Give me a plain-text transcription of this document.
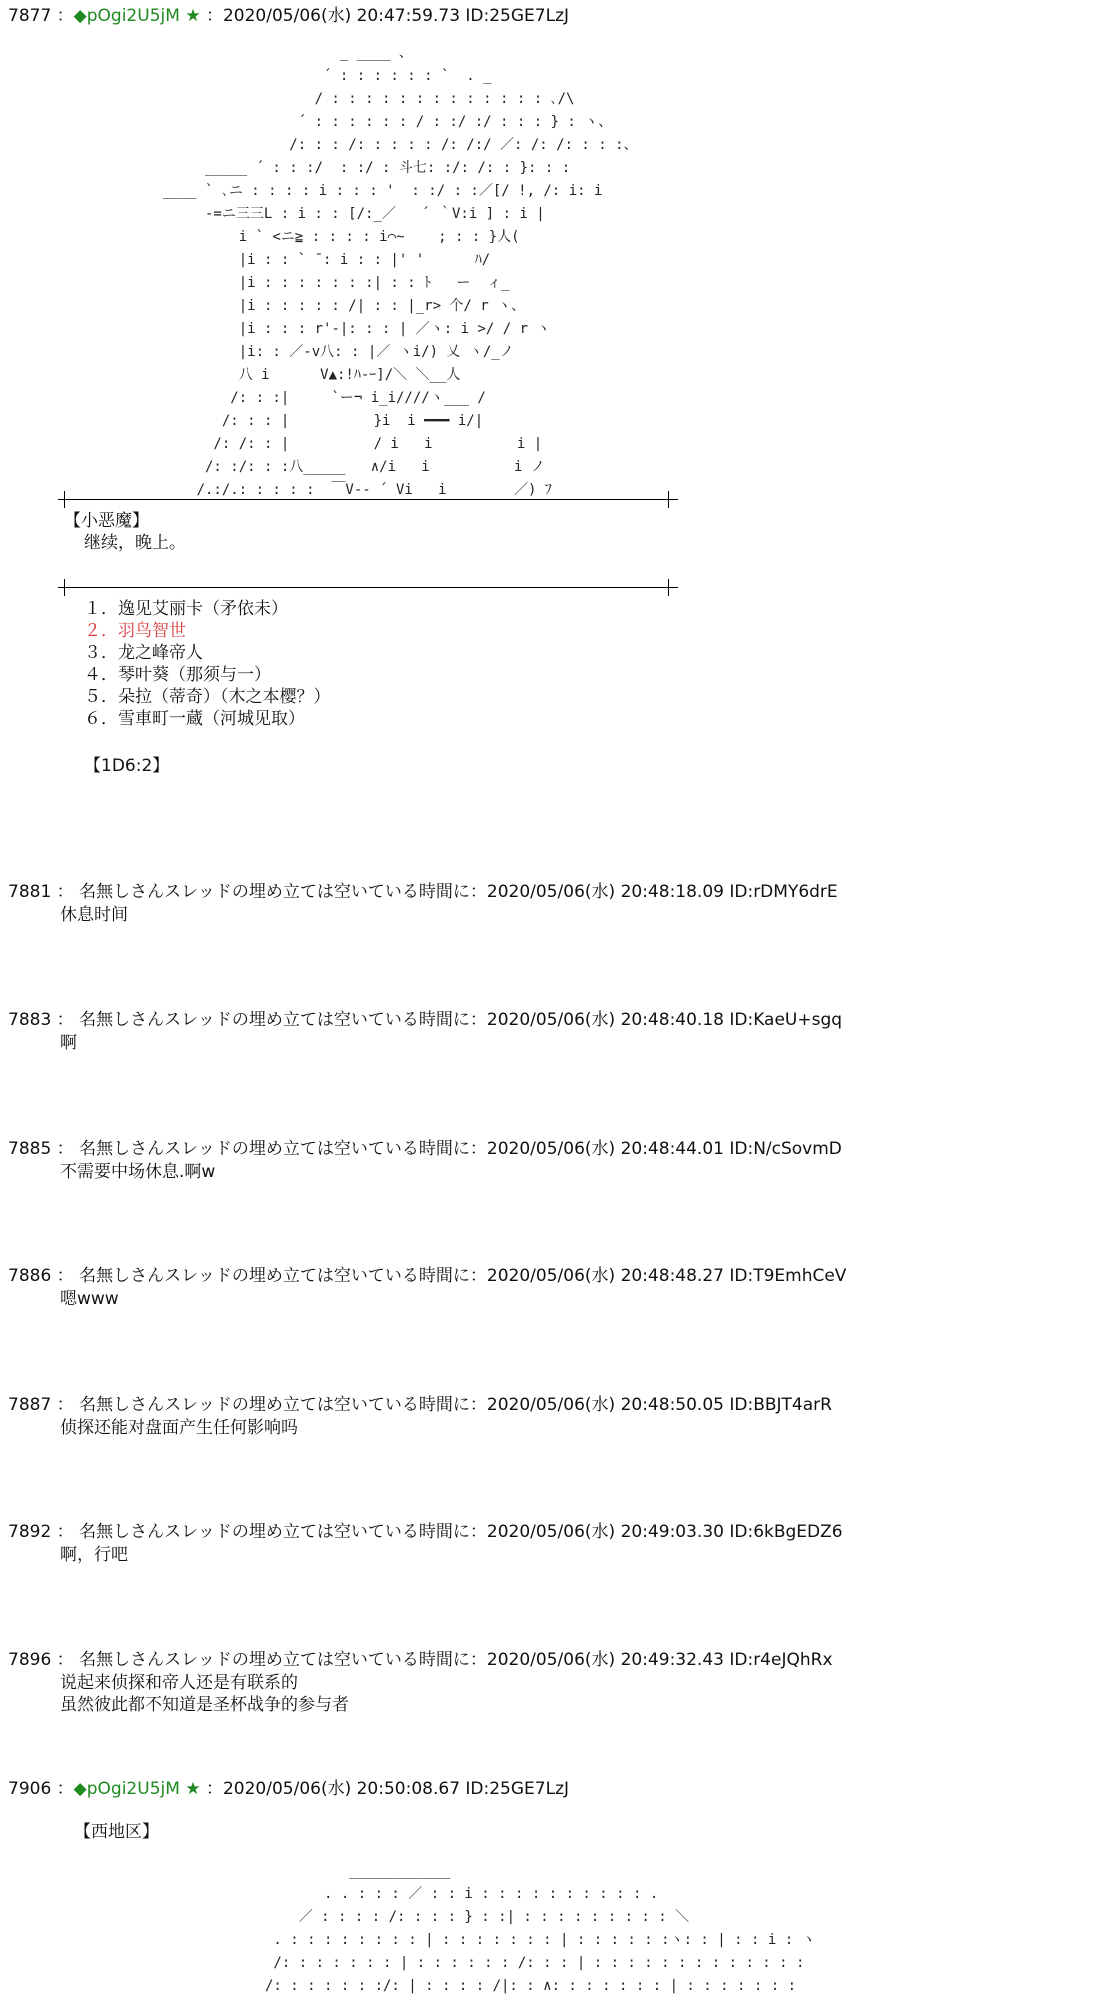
7877 ：◆pOgi2U5jM ★ ：2020/05/06(水) 20:47:59.73 ID:25GE7LzJ
_ ____ 、
´ : : : : : : `  . _
/ : : : : : : : : : : : : : ､/\
´ : : : : : : / : :/ :/ : : : } : ヽ、
/: : : /: : : : : /: /:/ ／: /: /: : : :、
_____ ´ : : :/  : :/ : 斗七: :/: /: : }: : :
____ ` ､ニ : : : : i : : : '  : :/ : :／[/ !, /: i: i
-=ニ三三L : i : : [/:_／   ´ ｀V:i ] : i |
i ` <ニ≧ : : : : i⌒~    ; : : }人(
|i : : ` ̄ : i : : |' '      ﾊ/
|i : : : : : : :| : : ﾄ   ー  ィ_
|i : : : : : /| : : |_r> 个/ r ヽ、
|i : : : r'-|: : : | ／ヽ: i >/ / r ヽ
|i: : ／-v八: : |／ ヽi/) 乂 ヽ/_ノ
八 i      V▲:!ﾊ-ｰ]/＼ ＼__人
/: : :|     `ー¬ i_i////ヽ___ /
/: : : |          }i  i ━━━ i/|
/: /: : |          / i   i          i |
/: :/: : :八_____   ∧/i   i          i ノ
/.:/.: : : : :  ￣V-- ´ Vi   i        ／) ﾌ
【小恶魔】
继续，晚上。
１．逸见艾丽卡（矛依未）
２．羽鸟智世
３．龙之峰帝人
４．琴叶葵（那须与一）
５．朵拉（蒂奇）（木之本樱？）
６．雪車町一蔵（河城见取）
【1D6:2】
7881 ： 名無しさんスレッドの埋め立ては空いている時間に：2020/05/06(水) 20:48:18.09 ID:rDMY6drE
休息时间
7883 ： 名無しさんスレッドの埋め立ては空いている時間に：2020/05/06(水) 20:48:40.18 ID:KaeU+sgq
啊
7885 ： 名無しさんスレッドの埋め立ては空いている時間に：2020/05/06(水) 20:48:44.01 ID:N/cSovmD
不需要中场休息.啊w
7886 ： 名無しさんスレッドの埋め立ては空いている時間に：2020/05/06(水) 20:48:48.27 ID:T9EmhCeV
嗯www
7887 ： 名無しさんスレッドの埋め立ては空いている時間に：2020/05/06(水) 20:48:50.05 ID:BBJT4arR
侦探还能对盘面产生任何影响吗
7892 ： 名無しさんスレッドの埋め立ては空いている時間に：2020/05/06(水) 20:49:03.30 ID:6kBgEDZ6
啊，行吧
7896 ： 名無しさんスレッドの埋め立ては空いている時間に：2020/05/06(水) 20:49:32.43 ID:r4eJQhRx
说起来侦探和帝人还是有联系的
虽然彼此都不知道是圣杯战争的参与者
7906 ：◆pOgi2U5jM ★ ：2020/05/06(水) 20:50:08.67 ID:25GE7LzJ
【西地区】
____________
. . : : : ／ : : i : : : : : : : : : : .
／ : : : : /: : : : } : :| : : : : : : : : : ＼
. : : : : : : : : | : : : : : : : | : : : : : :ヽ: : | : : i : ヽ
/: : : : : : : | : : : : : : /: : : | : : : : : : : : : : : : :
/: : : : : : :/: | : : : : /|: : ∧: : : : : : : | : : : : : : :
